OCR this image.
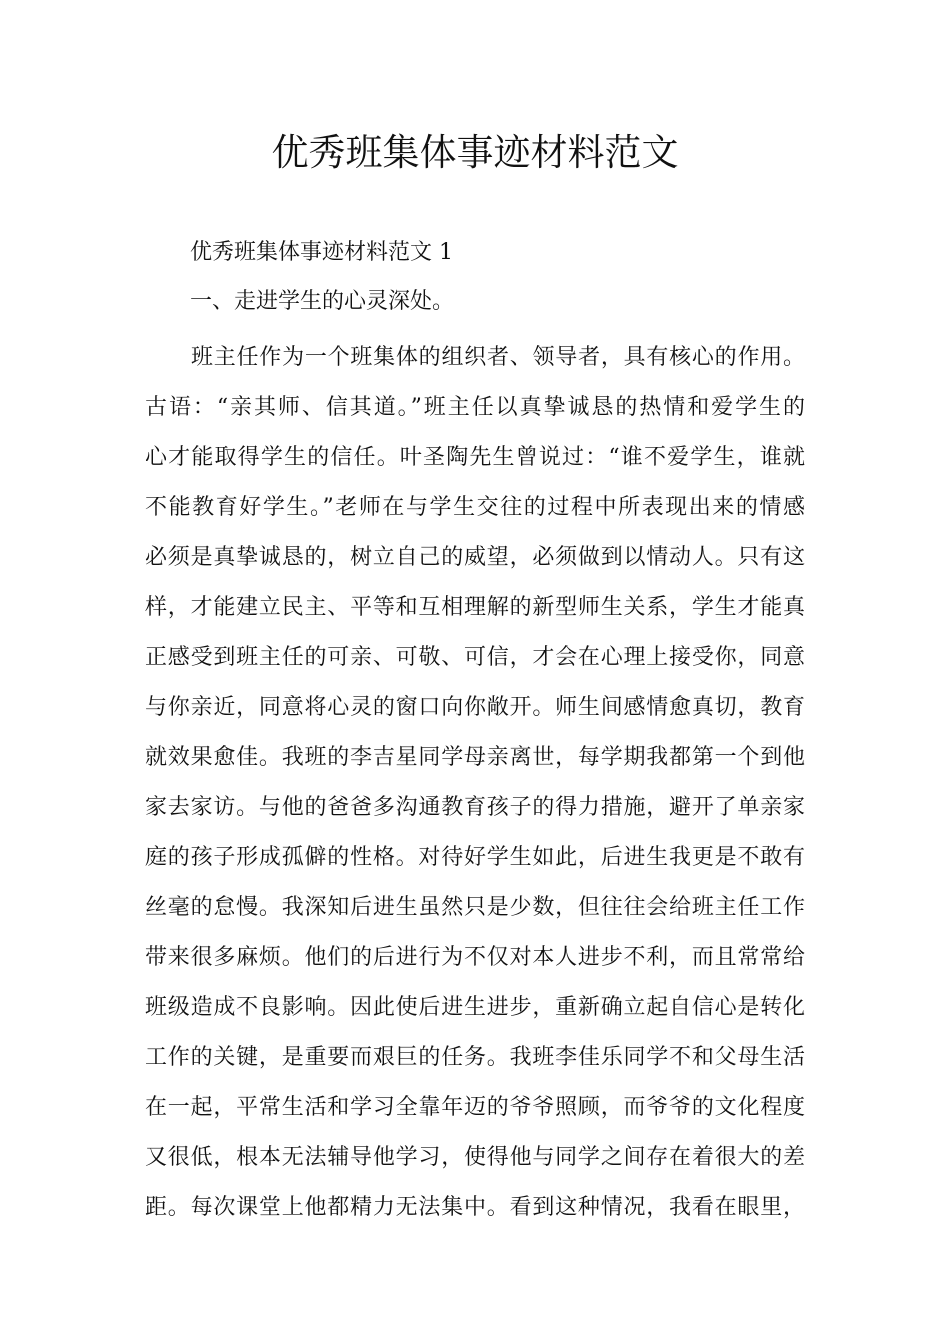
优秀班集体事迹材料范文

优秀班集体事迹材料范文 1

一、走进学生的心灵深处。

班主任作为一个班集体的组织者、领导者，具有核心的作用。
古语：“亲其师、信其道。”班主任以真挚诚恳的热情和爱学生的
心才能取得学生的信任。叶圣陶先生曾说过：“谁不爱学生，谁就
不能教育好学生。”老师在与学生交往的过程中所表现出来的情感
必须是真挚诚恳的，树立自己的威望，必须做到以情动人。只有这
样，才能建立民主、平等和互相理解的新型师生关系，学生才能真
正感受到班主任的可亲、可敬、可信，才会在心理上接受你，同意
与你亲近，同意将心灵的窗口向你敞开。师生间感情愈真切，教育
就效果愈佳。我班的李吉星同学母亲离世，每学期我都第一个到他
家去家访。与他的爸爸多沟通教育孩子的得力措施，避开了单亲家
庭的孩子形成孤僻的性格。对待好学生如此，后进生我更是不敢有
丝毫的怠慢。我深知后进生虽然只是少数，但往往会给班主任工作
带来很多麻烦。他们的后进行为不仅对本人进步不利，而且常常给
班级造成不良影响。因此使后进生进步，重新确立起自信心是转化
工作的关键，是重要而艰巨的任务。我班李佳乐同学不和父母生活
在一起，平常生活和学习全靠年迈的爷爷照顾，而爷爷的文化程度
又很低，根本无法辅导他学习，使得他与同学之间存在着很大的差
距。每次课堂上他都精力无法集中。看到这种情况，我看在眼里，
